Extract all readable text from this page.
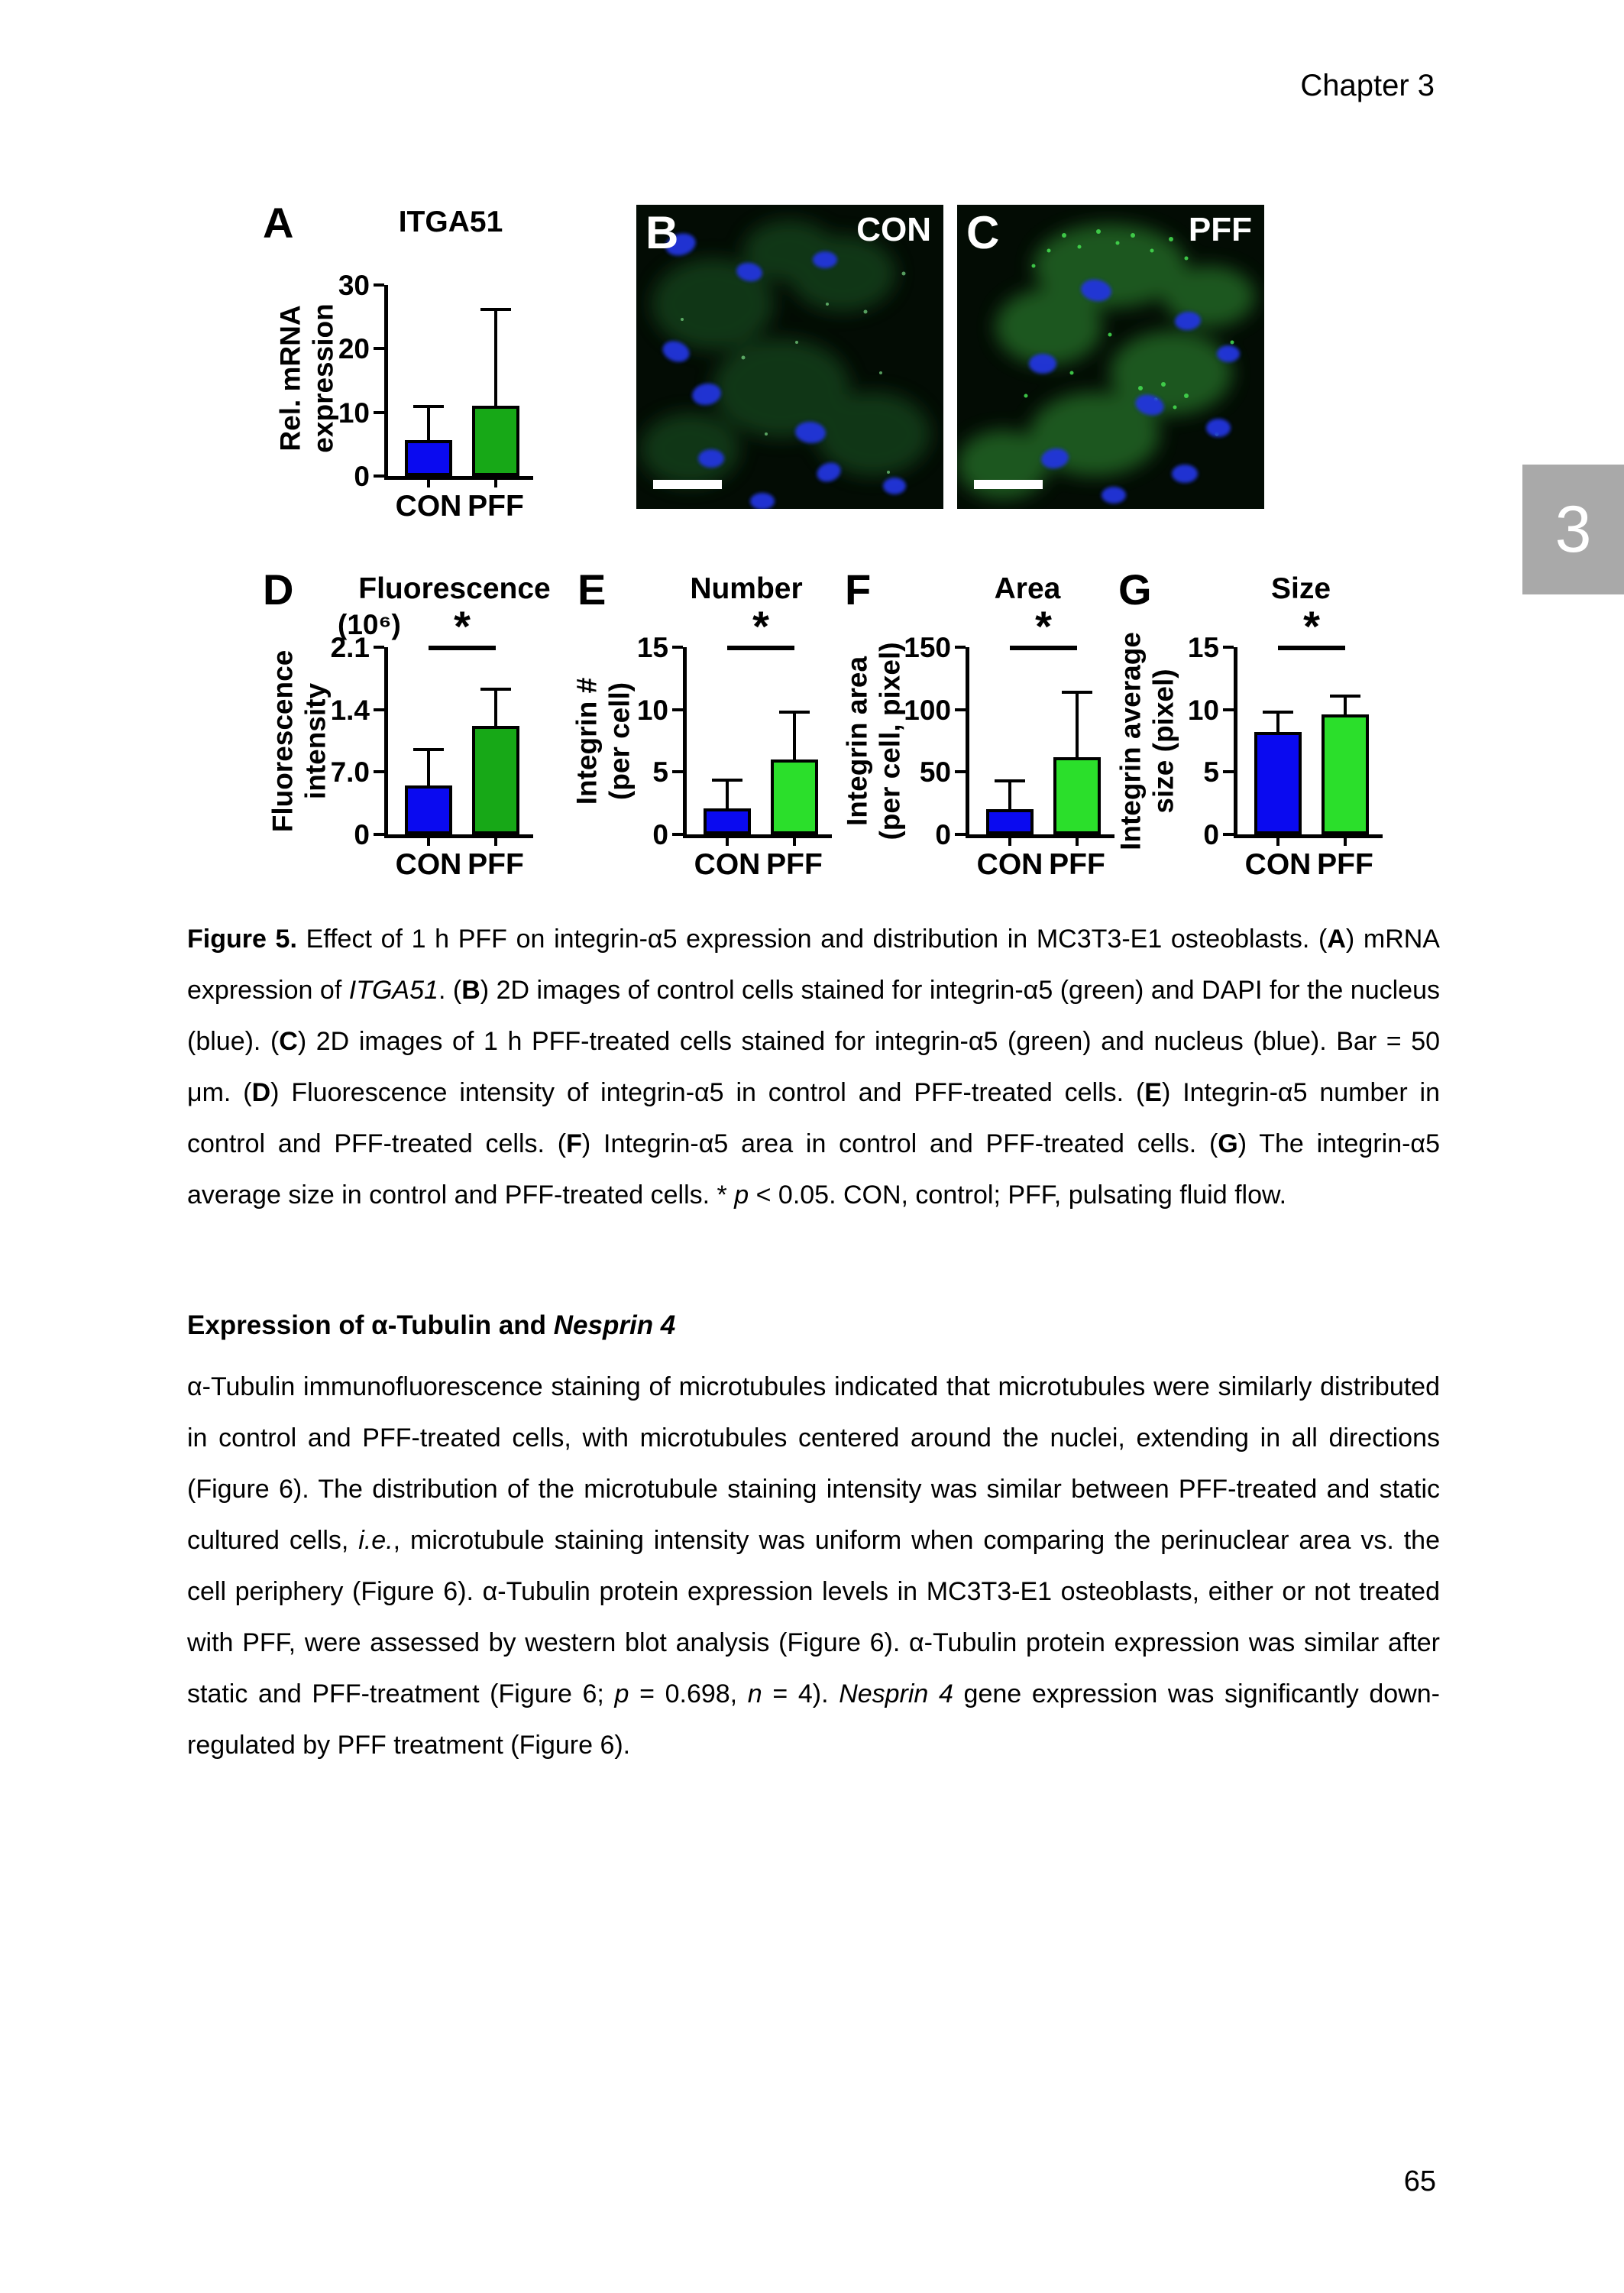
Chapter 3
3
A	ITGA51
Rel. mRNA
expression
0
10
20
30
CON PFF
B	CON C	PFF
D	Fluorescence
(10⁶)
Fluorescence
intensity
0
7.0
1.4
2.1
CON PFF
*
E	Number
Integrin #
(per cell)
0
5
10
15
CON PFF
*
F	Area
Integrin area
(per cell, pixel)	0
50
100
150
CON PFF
*
G	Size
Integrin average
size (pixel)
0
5
10
15
CON PFF
*

Figure 5. Effect of 1 h PFF on integrin-α5 expression and distribution in MC3T3-E1 osteoblasts. (A) mRNA expression of ITGA51. (B) 2D images of control cells stained for integrin-α5 (green) and DAPI for the nucleus (blue). (C) 2D images of 1 h PFF-treated cells stained for integrin-α5 (green) and nucleus (blue). Bar = 50 μm. (D) Fluorescence intensity of integrin-α5 in control and PFF-treated cells. (E) Integrin-α5 number in control and PFF-treated cells. (F) Integrin-α5 area in control and PFF-treated cells. (G) The integrin-α5 average size in control and PFF-treated cells. * p < 0.05. CON, control; PFF, pulsating fluid flow.

Expression of α-Tubulin and Nesprin 4

α-Tubulin immunofluorescence staining of microtubules indicated that microtubules were similarly distributed in control and PFF-treated cells, with microtubules centered around the nuclei, extending in all directions (Figure 6). The distribution of the microtubule staining intensity was similar between PFF-treated and static cultured cells, i.e., microtubule staining intensity was uniform when comparing the perinuclear area vs. the cell periphery (Figure 6). α-Tubulin protein expression levels in MC3T3-E1 osteoblasts, either or not treated with PFF, were assessed by western blot analysis (Figure 6). α-Tubulin protein expression was similar after static and PFF-treatment (Figure 6; p = 0.698, n = 4). Nesprin 4 gene expression was significantly down-regulated by PFF treatment (Figure 6).

65
